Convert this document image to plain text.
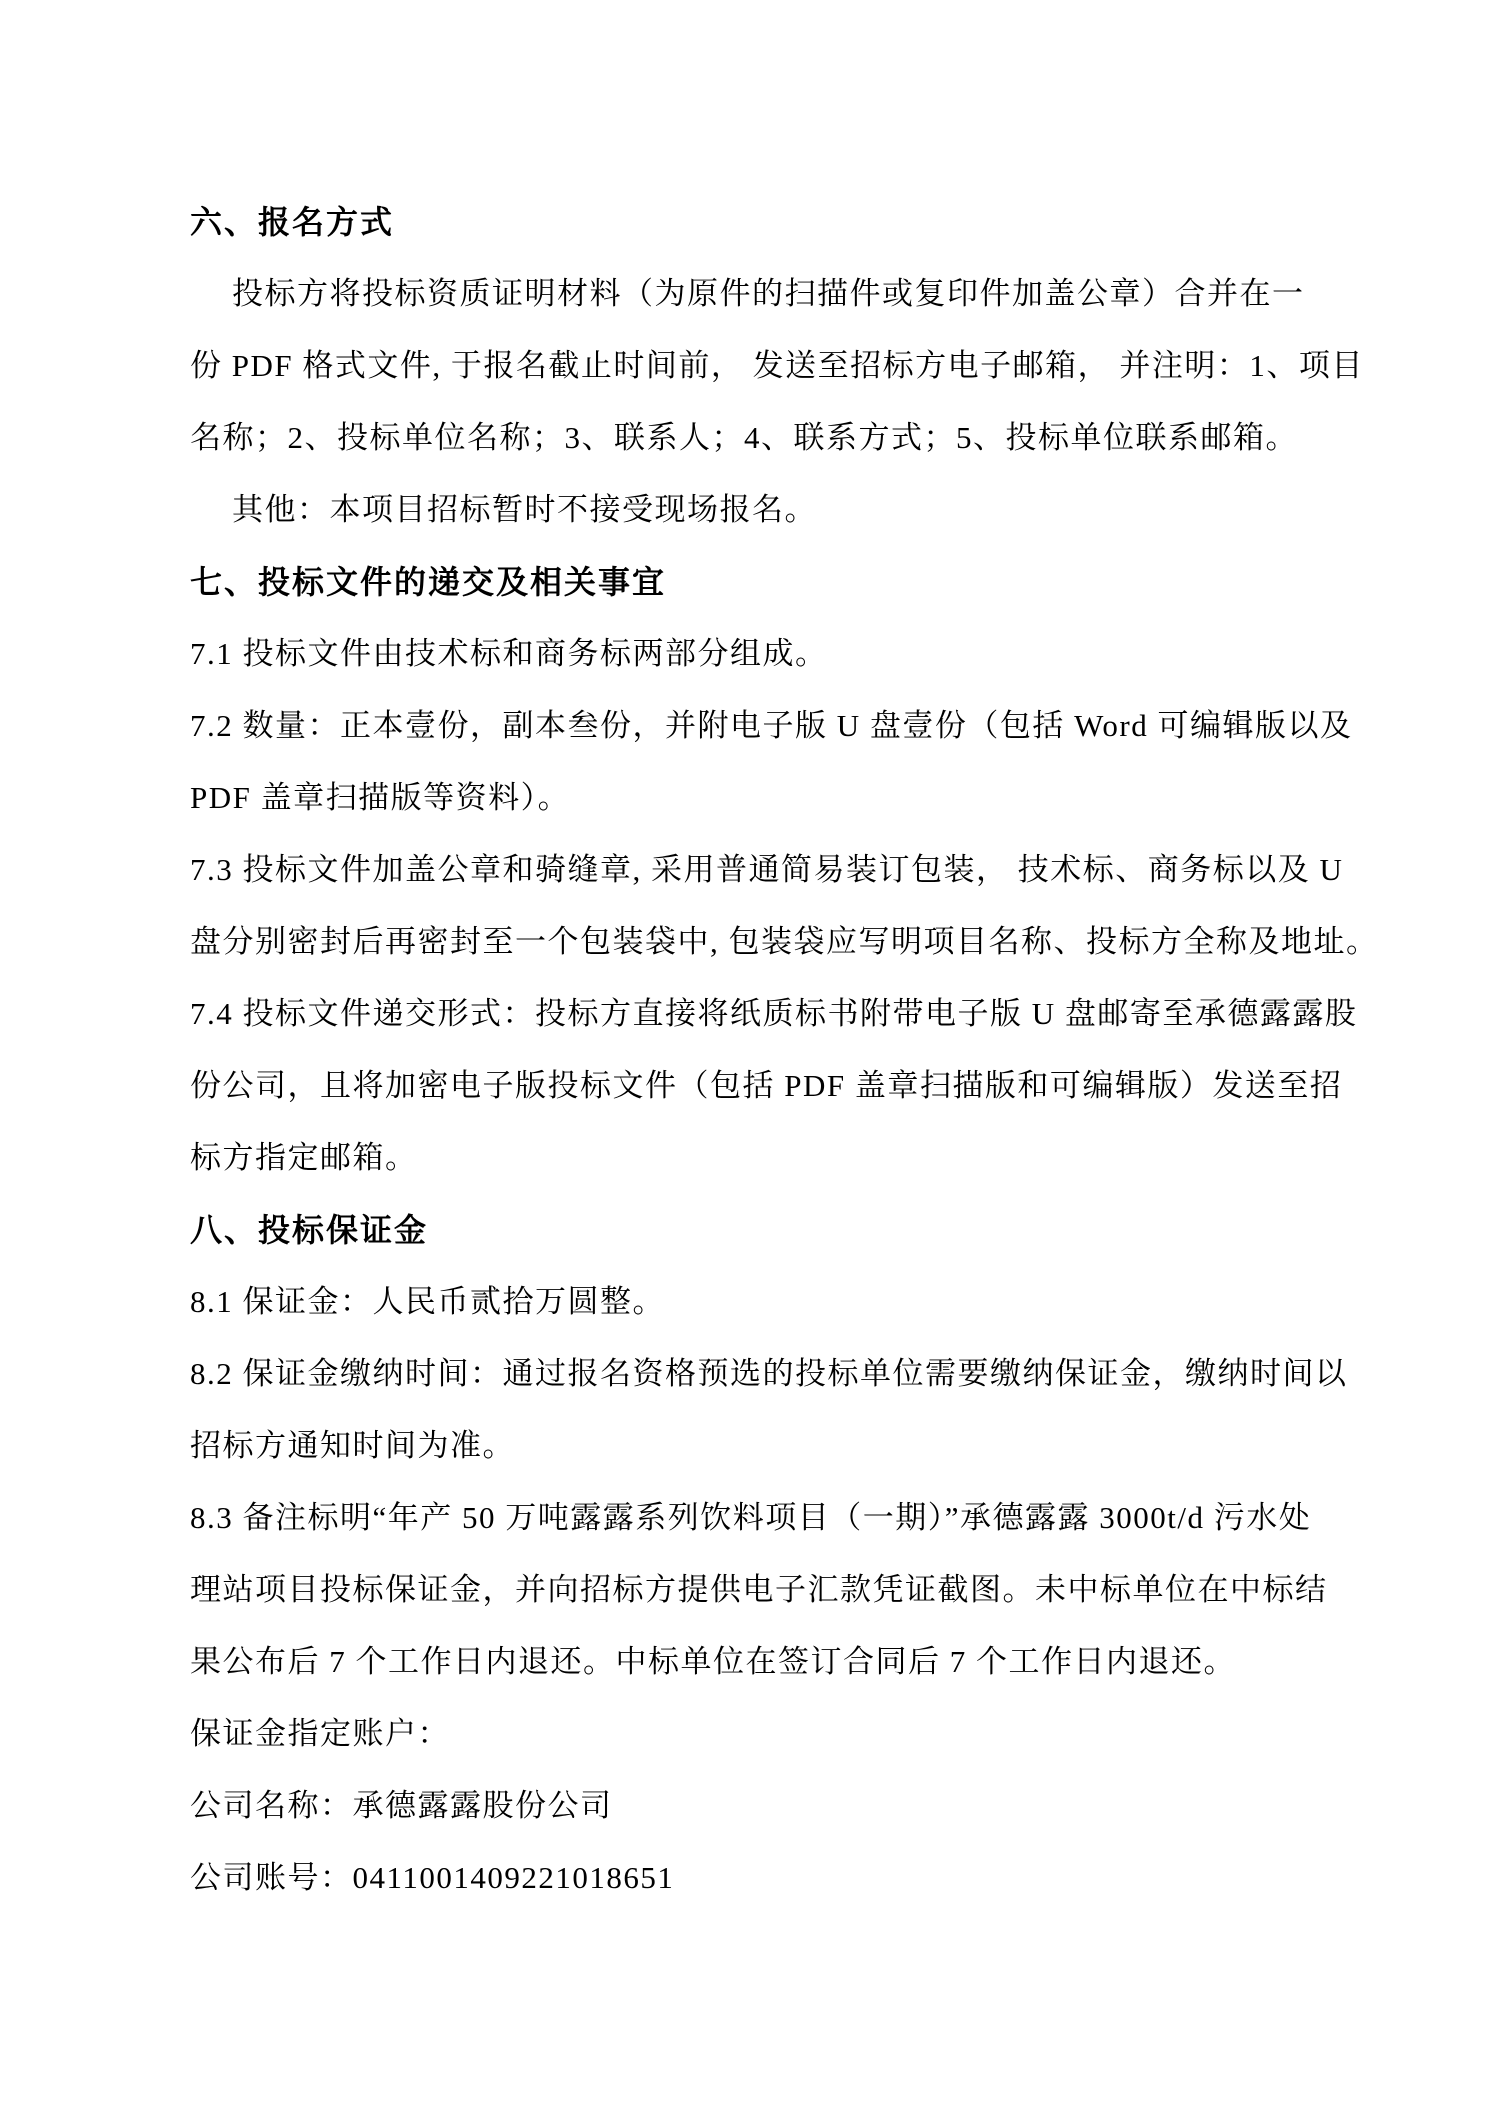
六、报名方式
投标方将投标资质证明材料（为原件的扫描件或复印件加盖公章）合并在一
份 PDF 格式文件, 于报名截止时间前， 发送至招标方电子邮箱， 并注明：1、项目
名称；2、投标单位名称；3、联系人；4、联系方式；5、投标单位联系邮箱。
其他：本项目招标暂时不接受现场报名。
七、投标文件的递交及相关事宜
7.1 投标文件由技术标和商务标两部分组成。
7.2 数量：正本壹份，副本叁份，并附电子版 U 盘壹份（包括 Word 可编辑版以及
PDF 盖章扫描版等资料）。
7.3 投标文件加盖公章和骑缝章, 采用普通简易装订包装， 技术标、商务标以及 U
盘分别密封后再密封至一个包装袋中, 包装袋应写明项目名称、投标方全称及地址。
7.4 投标文件递交形式：投标方直接将纸质标书附带电子版 U 盘邮寄至承德露露股
份公司，且将加密电子版投标文件（包括 PDF 盖章扫描版和可编辑版）发送至招
标方指定邮箱。
八、投标保证金
8.1 保证金：人民币贰拾万圆整。
8.2 保证金缴纳时间：通过报名资格预选的投标单位需要缴纳保证金，缴纳时间以
招标方通知时间为准。
8.3 备注标明“年产 50 万吨露露系列饮料项目（一期）”承德露露 3000t/d 污水处
理站项目投标保证金，并向招标方提供电子汇款凭证截图。未中标单位在中标结
果公布后 7 个工作日内退还。中标单位在签订合同后 7 个工作日内退还。
保证金指定账户：
公司名称：承德露露股份公司
公司账号：0411001409221018651
